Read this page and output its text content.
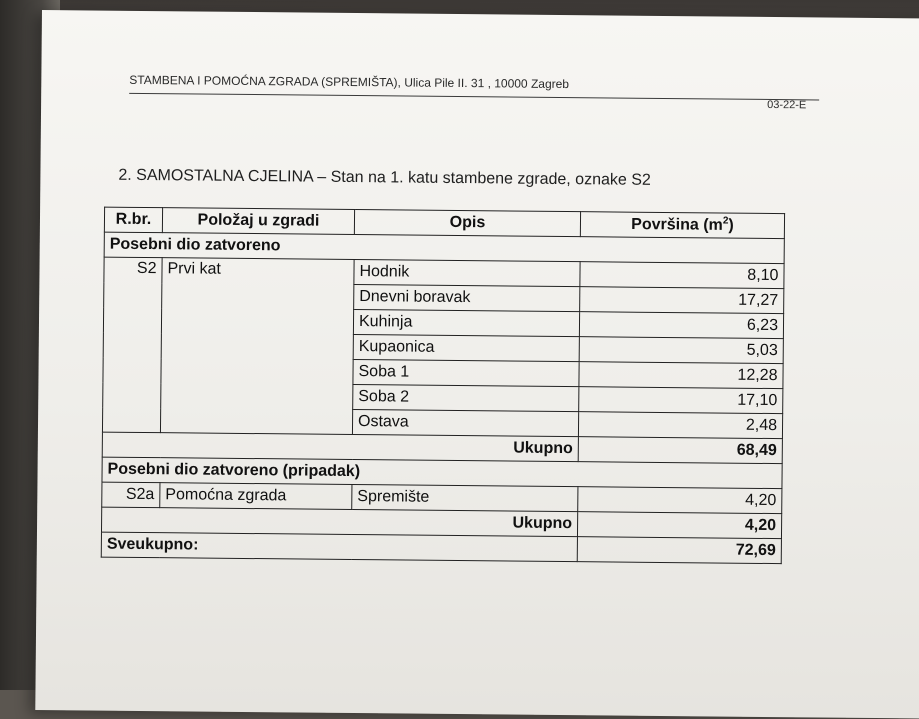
STAMBENA I POMOĆNA ZGRADA (SPREMIŠTA), Ulica Pile II. 31 , 10000 Zagreb
03-22-E
2. SAMOSTALNA CJELINA – Stan na 1. katu stambene zgrade, oznake S2
R.br.	Položaj u zgradi	Opis	Površina $(m^2)$
Posebni dio zatvoreno			
S2	Prvi kat	Hodnik	8,10
		Dnevni boravak	17,27
		Kuhinja	6,23
		Kupaonica	5,03
		Soba 1	12,28
		Soba 2	17,10
		Ostava	2,48
Ukupno			68,49
Posebni dio zatvoreno (pripadak)			
S2a	Pomoćna zgrada	Spremište	4,20
Ukupno			4,20
Sveukupno:			72,69
